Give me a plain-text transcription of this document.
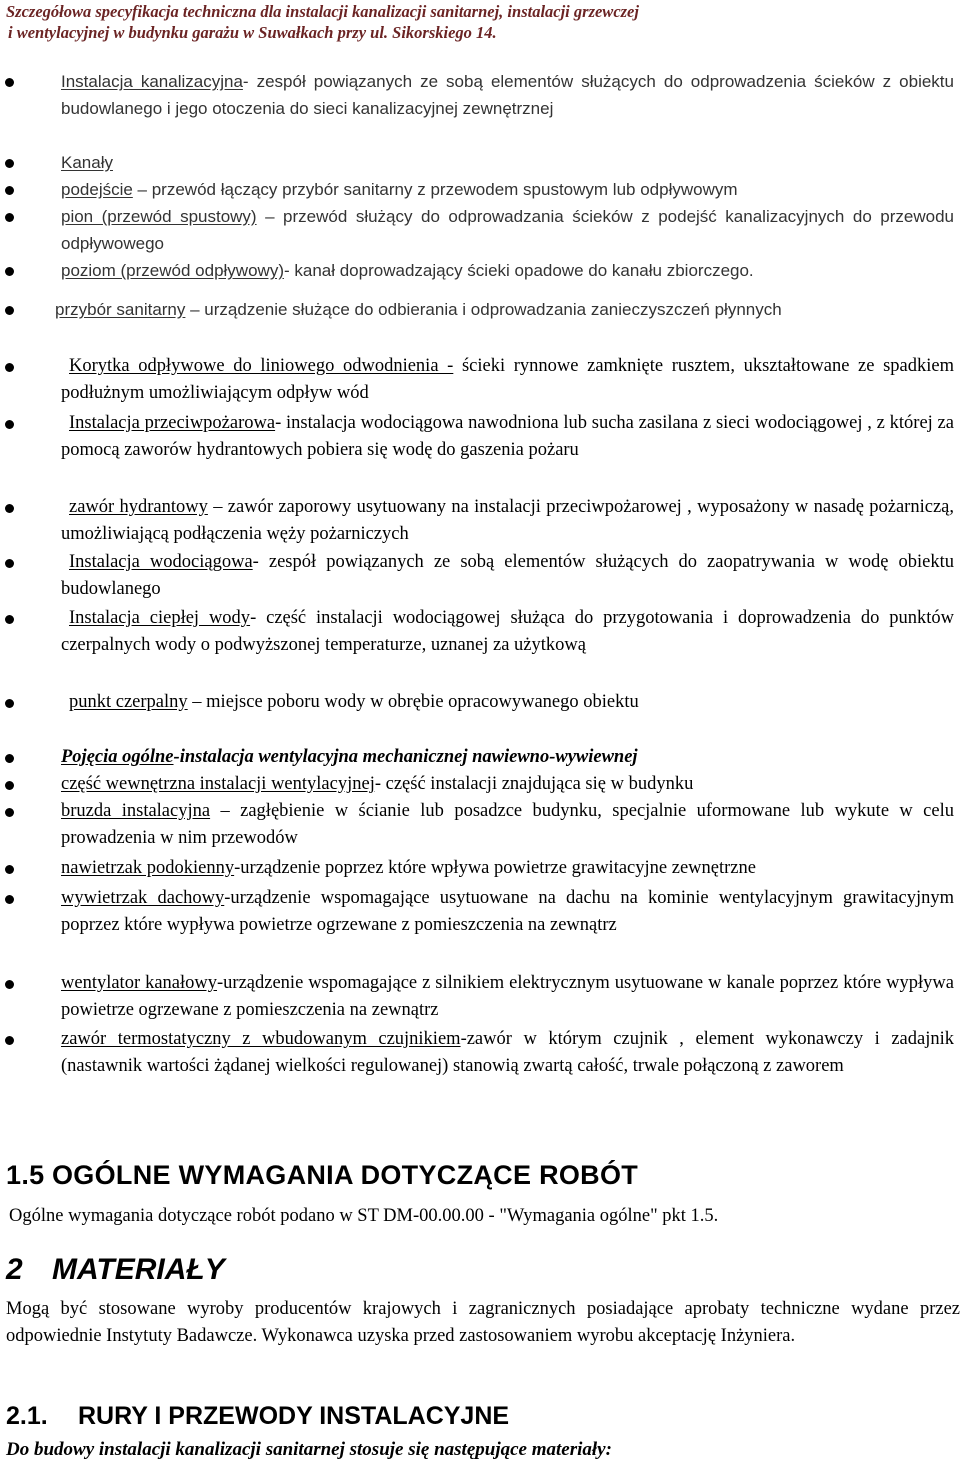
Szczegółowa specyfikacja techniczna dla instalacji kanalizacji sanitarnej, instalacji grzewczej
i wentylacyjnej w budynku garażu w Suwałkach przy ul. Sikorskiego 14.
Instalacja kanalizacyjna- zespół powiązanych ze sobą elementów służących do odprowadzenia ścieków z obiektu budowlanego i jego otoczenia do sieci kanalizacyjnej zewnętrznej
Kanały
podejście – przewód łączący przybór sanitarny z przewodem spustowym lub odpływowym
pion (przewód spustowy) – przewód służący do odprowadzania ścieków z podejść kanalizacyjnych do przewodu odpływowego
poziom (przewód odpływowy)- kanał doprowadzający ścieki opadowe do kanału zbiorczego.
przybór sanitarny – urządzenie służące do odbierania i odprowadzania zanieczyszczeń płynnych
Korytka odpływowe do liniowego odwodnienia - ścieki rynnowe zamknięte rusztem, ukształtowane ze spadkiem podłużnym umożliwiającym odpływ wód
Instalacja przeciwpożarowa- instalacja wodociągowa nawodniona lub sucha zasilana z sieci wodociągowej , z której za pomocą zaworów hydrantowych pobiera się wodę do gaszenia pożaru
zawór hydrantowy – zawór zaporowy usytuowany na instalacji przeciwpożarowej , wyposażony w nasadę pożarniczą, umożliwiającą podłączenia węży pożarniczych
Instalacja wodociągowa- zespół powiązanych ze sobą elementów służących do zaopatrywania w wodę obiektu budowlanego
Instalacja ciepłej wody- część instalacji wodociągowej służąca do przygotowania i doprowadzenia do punktów czerpalnych wody o podwyższonej temperaturze, uznanej za użytkową
punkt czerpalny – miejsce poboru wody w obrębie opracowywanego obiektu
Pojęcia ogólne-instalacja wentylacyjna mechanicznej nawiewno-wywiewnej
część wewnętrzna instalacji wentylacyjnej- część instalacji znajdująca się w budynku
bruzda instalacyjna – zagłębienie w ścianie lub posadzce budynku, specjalnie uformowane lub wykute w celu prowadzenia w nim przewodów
nawietrzak podokienny-urządzenie poprzez które wpływa powietrze grawitacyjne zewnętrzne
wywietrzak dachowy-urządzenie wspomagające usytuowane na dachu na kominie wentylacyjnym grawitacyjnym poprzez które wypływa powietrze ogrzewane z pomieszczenia na zewnątrz
wentylator kanałowy-urządzenie wspomagające z silnikiem elektrycznym usytuowane w kanale poprzez które wypływa powietrze ogrzewane z pomieszczenia na zewnątrz
zawór termostatyczny z wbudowanym czujnikiem-zawór w którym czujnik , element wykonawczy i zadajnik (nastawnik wartości żądanej wielkości regulowanej) stanowią zwartą całość, trwale połączoną z zaworem
1.5 OGÓLNE WYMAGANIA DOTYCZĄCE ROBÓT
Ogólne wymagania dotyczące robót podano w ST DM-00.00.00 - "Wymagania ogólne" pkt 1.5.
2 MATERIAŁY
Mogą być stosowane wyroby producentów krajowych i zagranicznych posiadające aprobaty techniczne wydane przez odpowiednie Instytuty Badawcze. Wykonawca uzyska przed zastosowaniem wyrobu akceptację Inżyniera.
2.1. RURY I PRZEWODY INSTALACYJNE
Do budowy instalacji kanalizacji sanitarnej stosuje się następujące materiały:
